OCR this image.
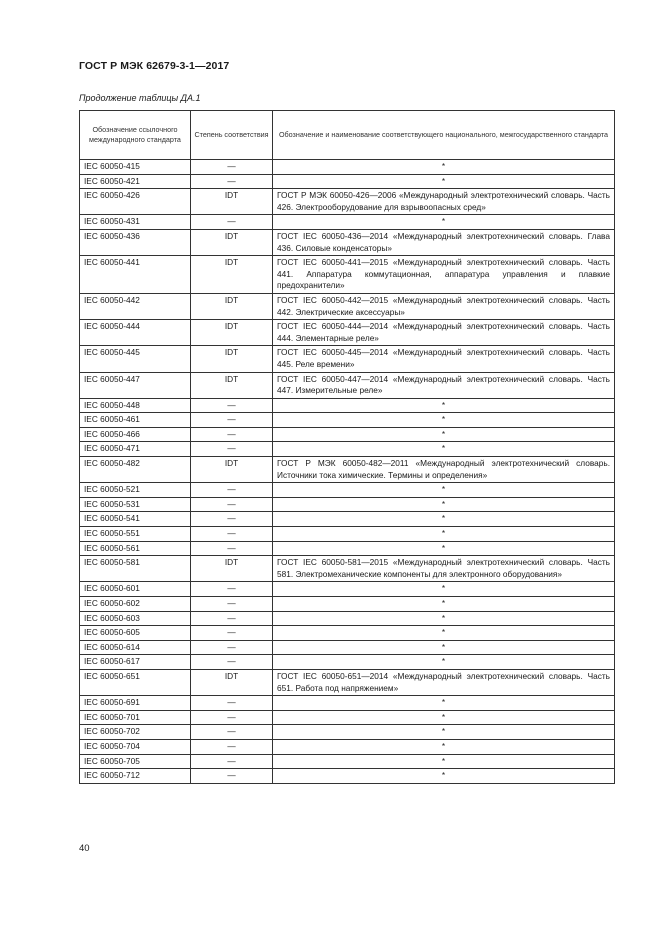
ГОСТ Р МЭК 62679-3-1—2017
Продолжение таблицы ДА.1
Обозначение ссылочного международного стандарта	Степень соответствия	Обозначение и наименование соответствующего национального, межгосударственного стандарта
IEC 60050-415	—	*
IEC 60050-421	—	*
IEC 60050-426	IDT	ГОСТ Р МЭК 60050-426—2006 «Международный электротехнический словарь. Часть 426. Электрооборудование для взрывоопасных сред»
IEC 60050-431	—	*
IEC 60050-436	IDT	ГОСТ IEC 60050-436—2014 «Международный электротехнический словарь. Глава 436. Силовые конденсаторы»
IEC 60050-441	IDT	ГОСТ IEC 60050-441—2015 «Международный электротехнический словарь. Часть 441. Аппаратура коммутационная, аппаратура управления и плавкие предохранители»
IEC 60050-442	IDT	ГОСТ IEC 60050-442—2015 «Международный электротехнический словарь. Часть 442. Электрические аксессуары»
IEC 60050-444	IDT	ГОСТ IEC 60050-444—2014 «Международный электротехнический словарь. Часть 444. Элементарные реле»
IEC 60050-445	IDT	ГОСТ IEC 60050-445—2014 «Международный электротехнический словарь. Часть 445. Реле времени»
IEC 60050-447	IDT	ГОСТ IEC 60050-447—2014 «Международный электротехнический словарь. Часть 447. Измерительные реле»
IEC 60050-448	—	*
IEC 60050-461	—	*
IEC 60050-466	—	*
IEC 60050-471	—	*
IEC 60050-482	IDT	ГОСТ Р МЭК 60050-482—2011 «Международный электротехнический словарь. Источники тока химические. Термины и определения»
IEC 60050-521	—	*
IEC 60050-531	—	*
IEC 60050-541	—	*
IEC 60050-551	—	*
IEC 60050-561	—	*
IEC 60050-581	IDT	ГОСТ IEC 60050-581—2015 «Международный электротехнический словарь. Часть 581. Электромеханические компоненты для электронного оборудования»
IEC 60050-601	—	*
IEC 60050-602	—	*
IEC 60050-603	—	*
IEC 60050-605	—	*
IEC 60050-614	—	*
IEC 60050-617	—	*
IEC 60050-651	IDT	ГОСТ IEC 60050-651—2014 «Международный электротехнический словарь. Часть 651. Работа под напряжением»
IEC 60050-691	—	*
IEC 60050-701	—	*
IEC 60050-702	—	*
IEC 60050-704	—	*
IEC 60050-705	—	*
IEC 60050-712	—	*
40
